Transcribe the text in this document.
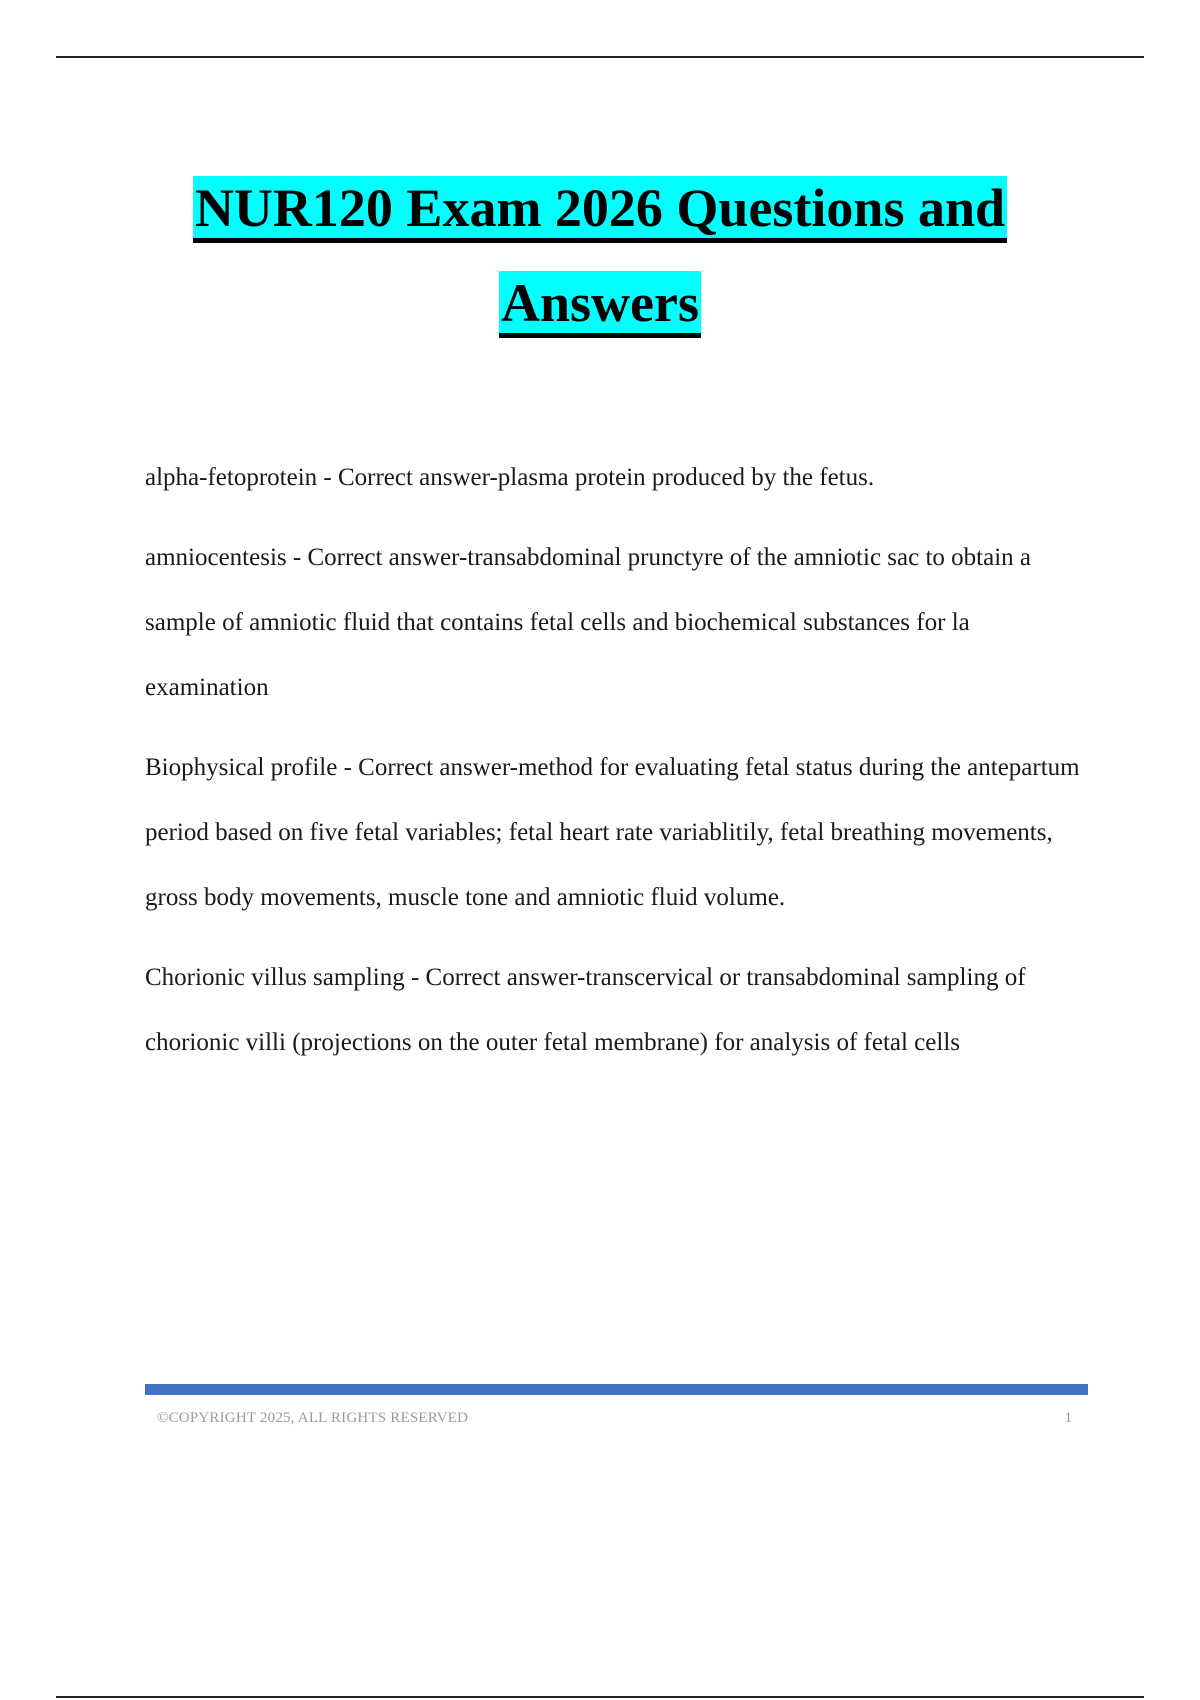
NUR120 Exam 2026 Questions and
Answers

alpha-fetoprotein - Correct answer-plasma protein produced by the fetus.

amniocentesis - Correct answer-transabdominal prunctyre of the amniotic sac to obtain a sample of amniotic fluid that contains fetal cells and biochemical substances for la examination

Biophysical profile - Correct answer-method for evaluating fetal status during the antepartum period based on five fetal variables; fetal heart rate variablitily, fetal breathing movements, gross body movements, muscle tone and amniotic fluid volume.

Chorionic villus sampling - Correct answer-transcervical or transabdominal sampling of chorionic villi (projections on the outer fetal membrane) for analysis of fetal cells

©COPYRIGHT 2025, ALL RIGHTS RESERVED	1
